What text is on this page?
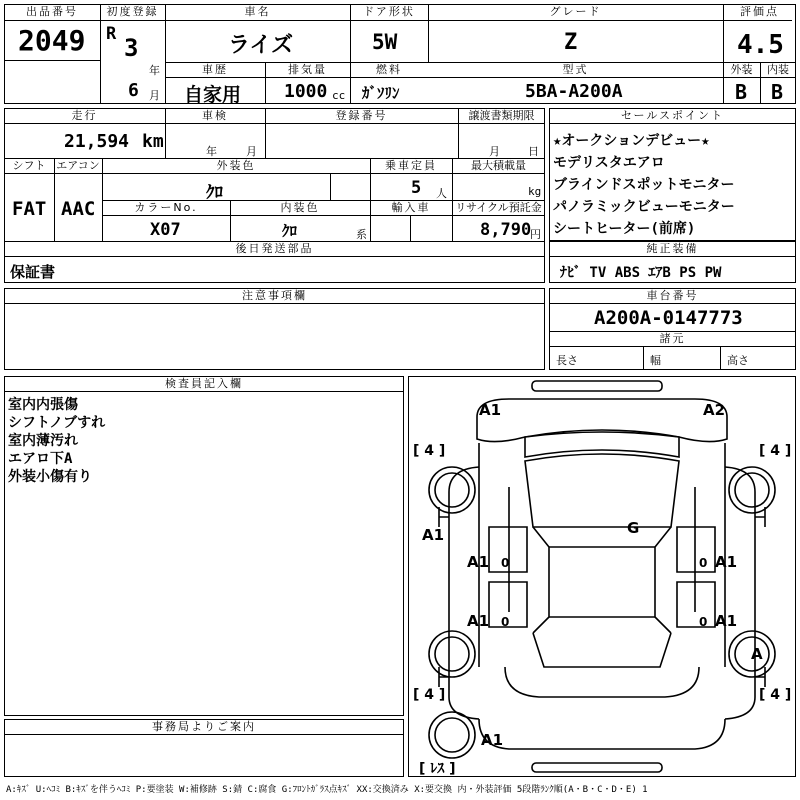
出品番号
2049
初度登録
R 3
年
6 月
車名
ライズ
ドア形状
5W
グレード
Z
評価点
4.5
車歴
自家用
排気量
1000 cc
燃料
ｶﾞｿﾘﾝ
型式
5BA-A200A
外装	内装
B B
走行
21,594 km
車検
年	月
登録番号	譲渡書類期限
月	日
シフト エアコン
FAT AAC
外装色
ｸﾛ
乗車定員
5 人
最大積載量
kg
カラーNo.
X07
内装色
ｸﾛ	系
輸入車	リサイクル預託金
8,790
円
後日発送部品
保証書
セールスポイント
★オークションデビュー★
モデリスタエアロ
ブラインドスポットモニター
パノラミックビューモニター
シートヒーター(前席)
純正装備
ﾅﾋﾞ TV ABS ｴｱB PS PW
注意事項欄	車台番号
A200A-0147773
諸元
長さ	幅	高さ
検査員記入欄
室内内張傷
シフトノブすれ
室内薄汚れ
エアロ下A
外装小傷有り
事務局よりご案内
A1	A2
A1
A1	A1
A1	A1
G
A
A1
0	0
0	0
[ 4 ]	[ 4 ]
[ 4 ]	[ 4 ]
[ ﾚｽ ]
A:ｷｽﾞ U:ﾍｺﾐ B:ｷｽﾞを伴うﾍｺﾐ P:要塗装 W:補修跡 S:錆 C:腐食 G:ﾌﾛﾝﾄｶﾞﾗｽ点ｷｽﾞ XX:交換済み X:要交換 内・外装評価 5段階ﾗﾝｸ順(A・B・C・D・E) 1
